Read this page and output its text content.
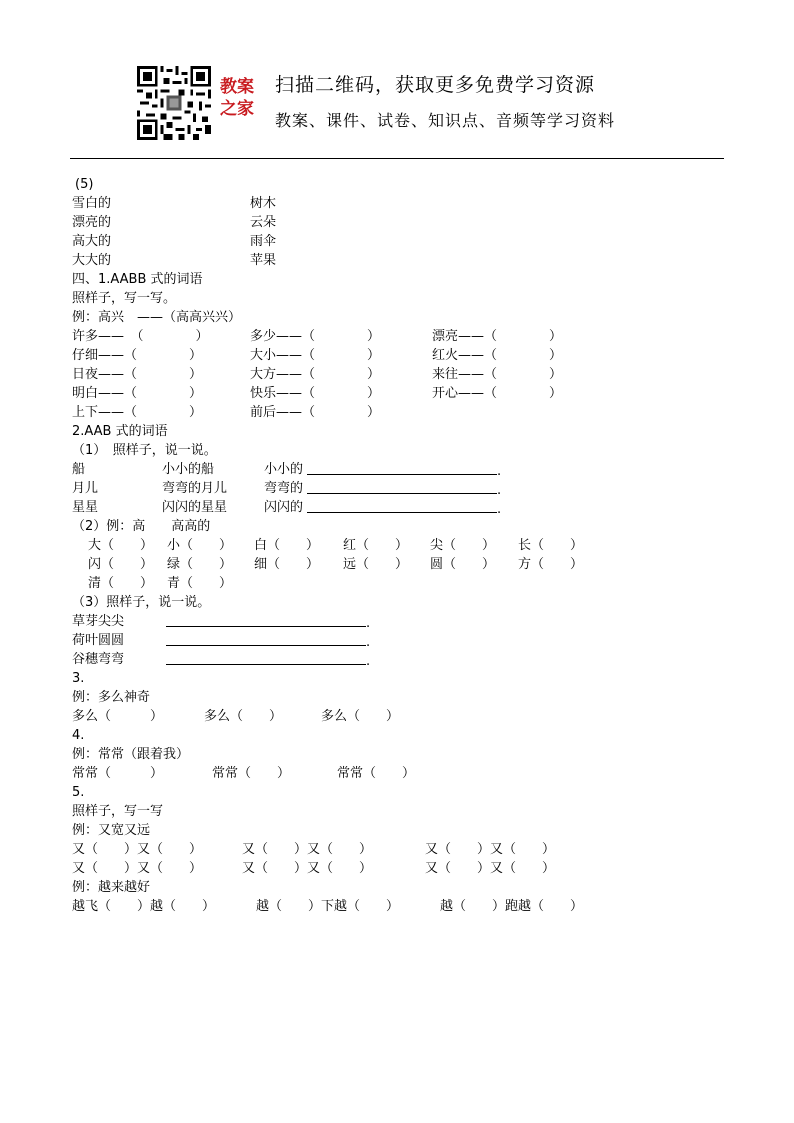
教案
之家
扫描二维码，获取更多免费学习资源
教案、课件、试卷、知识点、音频等学习资料
(5)
雪白的	树木
漂亮的	云朵
高大的	雨伞
大大的	苹果
四、1.AABB 式的词语
照样子，写一写。
例：高兴　——（高高兴兴）
许多——　（　　　　）	多少——（　　　　）	漂亮——（　　　　）
仔细——（　　　　）	大小——（　　　　）	红火——（　　　　）
日夜——（　　　　）	大方——（　　　　）	来往——（　　　　）
明白——（　　　　）	快乐——（　　　　）	开心——（　　　　）
上下——（　　　　）	前后——（　　　　）
2.AAB 式的词语
（1）　照样子，说一说。
船	小小的船	小小的	.
月儿	弯弯的月儿	弯弯的	.
星星	闪闪的星星	闪闪的	.
（2）例：高　　高高的
大（　　） 小（　　） 白（　　） 红（　　） 尖（　　） 长（　　）
闪（　　） 绿（　　） 细（　　） 远（　　） 圆（　　） 方（　　）
清（　　） 青（　　）
（3）照样子，说一说。
草芽尖尖	.
荷叶圆圆	.
谷穗弯弯	.
3.
例：多么神奇
多么（　　　）	多么（　　）	多么（　　）
4.
例：常常（跟着我）
常常（　　　）	常常（　　）	常常（　　）
5.
照样子，写一写
例：又宽又远
又（　　）又（　　）	又（　　）又（　　）	又（　　）又（　　）
又（　　）又（　　）	又（　　）又（　　）	又（　　）又（　　）
例：越来越好
越飞（　　）越（　　）	越（　　）下越（　　）	越（　　）跑越（　　）
